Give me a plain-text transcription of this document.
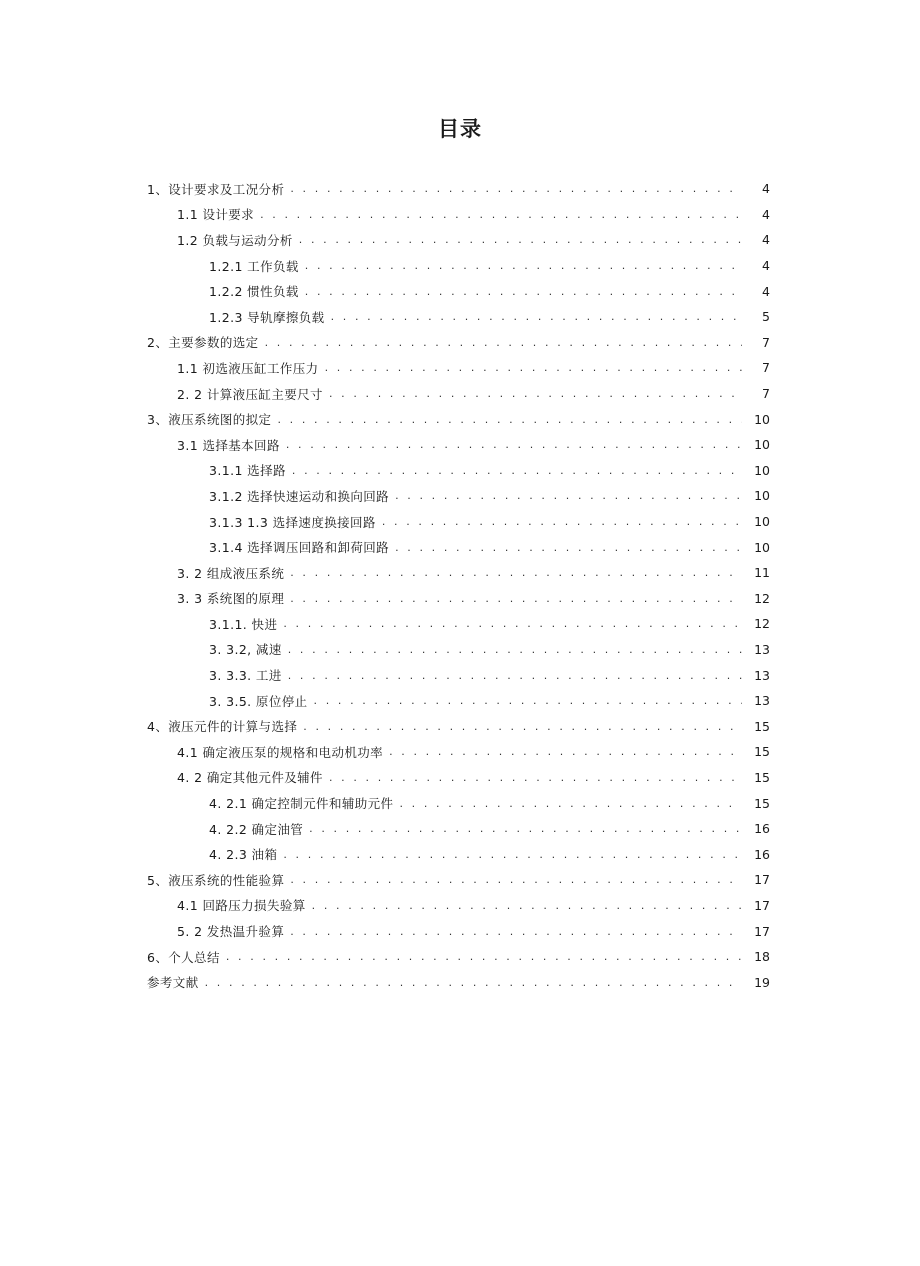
目录
1、设计要求及工况分析 . . .	4
1.1 设计要求 . . .	4
1.2 负载与运动分析 . . .	4
1.2.1 工作负载 . . .	4
1.2.2 惯性负载 . . .	4
1.2.3 导轨摩擦负载 . . .	5
2、主要参数的选定 . . .	7
1.1 初选液压缸工作压力 . . .	7
2. 2 计算液压缸主要尺寸 . . .	7
3、液压系统图的拟定 . . .	10
3.1 选择基本回路 . . .	10
3.1.1 选择路 . . .	10
3.1.2 选择快速运动和换向回路 . . .	10
3.1.3 1.3 选择速度换接回路 . . .	10
3.1.4 选择调压回路和卸荷回路 . . .	10
3. 2 组成液压系统 . . .	11
3. 3 系统图的原理 . . .	12
3.1.1. 快进 . . .	12
3. 3.2, 减速 . . .	13
3. 3.3. 工进 . . .	13
3. 3.5. 原位停止 . . .	13
4、液压元件的计算与选择 . . .	15
4.1 确定液压泵的规格和电动机功率 . . .	15
4. 2 确定其他元件及辅件 . . .	15
4. 2.1 确定控制元件和辅助元件 . . .	15
4. 2.2 确定油管 . . .	16
4. 2.3 油箱 . . .	16
5、液压系统的性能验算 . . .	17
4.1 回路压力损失验算 . . .	17
5. 2 发热温升验算 . . .	17
6、个人总结 . . .	18
参考文献 . . .	19
